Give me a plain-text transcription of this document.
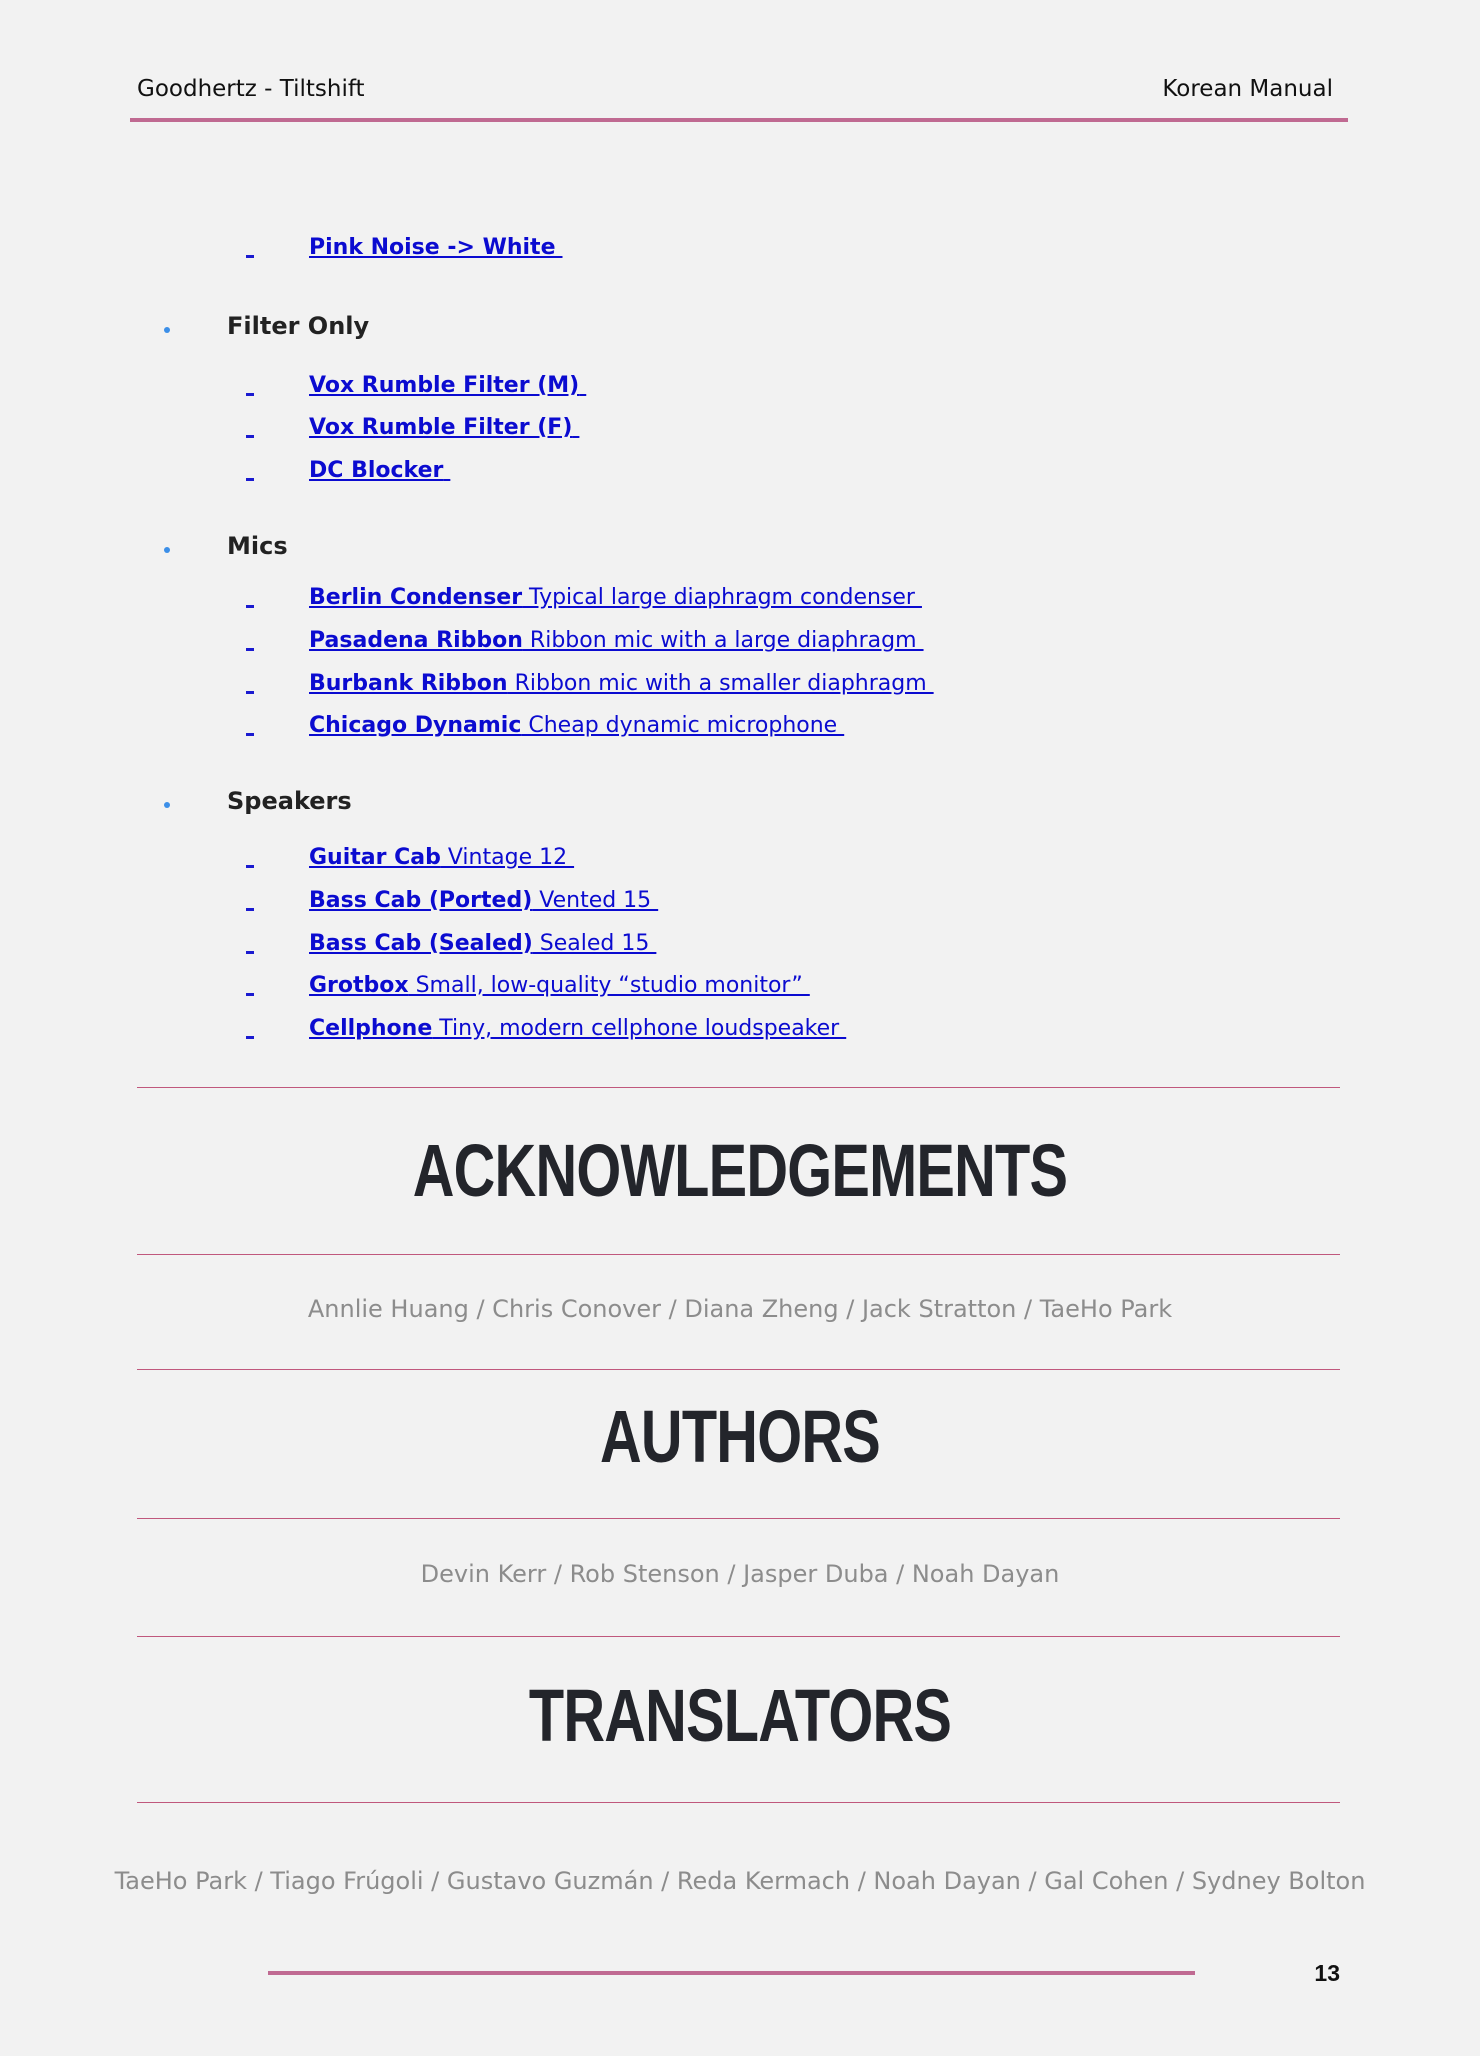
Goodhertz - Tiltshift	Korean Manual
Pink Noise -> White
Filter Only
Vox Rumble Filter (M)
Vox Rumble Filter (F)
DC Blocker
Mics
Berlin Condenser Typical large diaphragm condenser
Pasadena Ribbon Ribbon mic with a large diaphragm
Burbank Ribbon Ribbon mic with a smaller diaphragm
Chicago Dynamic Cheap dynamic microphone
Speakers
Guitar Cab Vintage 12
Bass Cab (Ported) Vented 15
Bass Cab (Sealed) Sealed 15
Grotbox Small, low-quality “studio monitor”
Cellphone Tiny, modern cellphone loudspeaker
ACKNOWLEDGEMENTS
Annlie Huang / Chris Conover / Diana Zheng / Jack Stratton / TaeHo Park
AUTHORS
Devin Kerr / Rob Stenson / Jasper Duba / Noah Dayan
TRANSLATORS
TaeHo Park / Tiago Frúgoli / Gustavo Guzmán / Reda Kermach / Noah Dayan / Gal Cohen / Sydney Bolton
13
